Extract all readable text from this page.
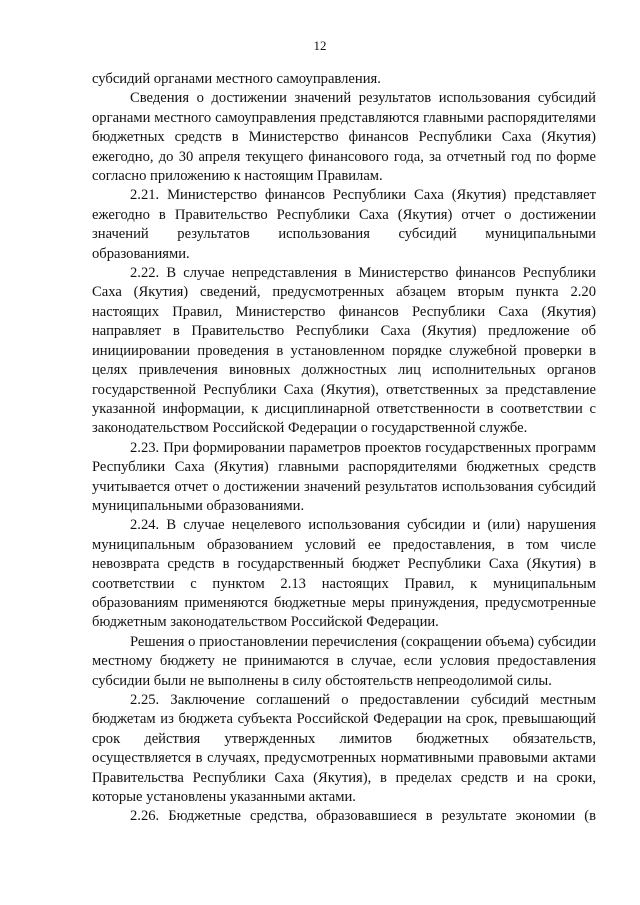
12

субсидий органами местного самоуправления.

Сведения о достижении значений результатов использования субсидий органами местного самоуправления представляются главными распорядителями бюджетных средств в Министерство финансов Республики Саха (Якутия) ежегодно, до 30 апреля текущего финансового года, за отчетный год по форме согласно приложению к настоящим Правилам.

2.21. Министерство финансов Республики Саха (Якутия) представляет ежегодно в Правительство Республики Саха (Якутия) отчет о достижении значений результатов использования субсидий муниципальными образованиями.

2.22. В случае непредставления в Министерство финансов Республики Саха (Якутия) сведений, предусмотренных абзацем вторым пункта 2.20 настоящих Правил, Министерство финансов Республики Саха (Якутия) направляет в Правительство Республики Саха (Якутия) предложение об инициировании проведения в установленном порядке служебной проверки в целях привлечения виновных должностных лиц исполнительных органов государственной Республики Саха (Якутия), ответственных за представление указанной информации, к дисциплинарной ответственности в соответствии с законодательством Российской Федерации о государственной службе.

2.23. При формировании параметров проектов государственных программ Республики Саха (Якутия) главными распорядителями бюджетных средств учитывается отчет о достижении значений результатов использования субсидий муниципальными образованиями.

2.24. В случае нецелевого использования субсидии и (или) нарушения муниципальным образованием условий ее предоставления, в том числе невозврата средств в государственный бюджет Республики Саха (Якутия) в соответствии с пунктом 2.13 настоящих Правил, к муниципальным образованиям применяются бюджетные меры принуждения, предусмотренные бюджетным законодательством Российской Федерации.

Решения о приостановлении перечисления (сокращении объема) субсидии местному бюджету не принимаются в случае, если условия предоставления субсидии были не выполнены в силу обстоятельств непреодолимой силы.

2.25. Заключение соглашений о предоставлении субсидий местным бюджетам из бюджета субъекта Российской Федерации на срок, превышающий срок действия утвержденных лимитов бюджетных обязательств, осуществляется в случаях, предусмотренных нормативными правовыми актами Правительства Республики Саха (Якутия), в пределах средств и на сроки, которые установлены указанными актами.

2.26. Бюджетные средства, образовавшиеся в результате экономии (в
